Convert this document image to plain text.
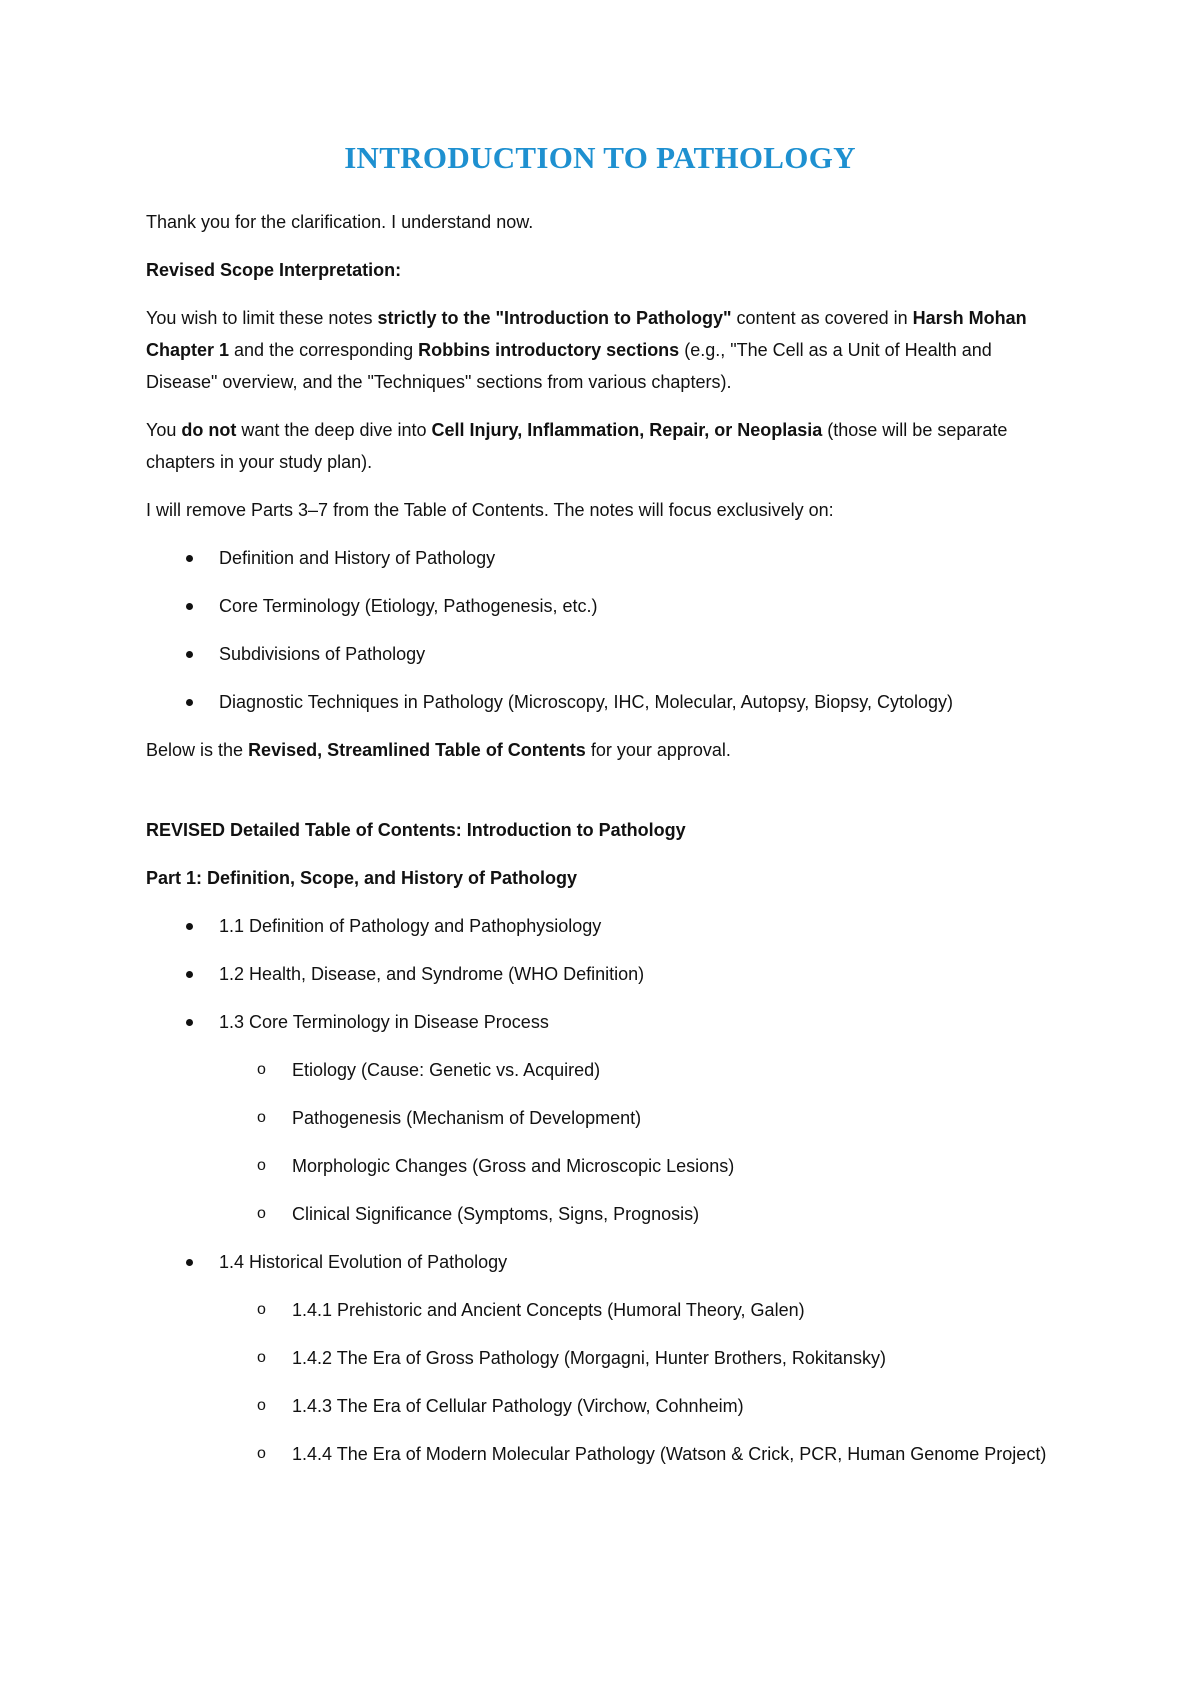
INTRODUCTION TO PATHOLOGY

Thank you for the clarification. I understand now.

Revised Scope Interpretation:

You wish to limit these notes strictly to the "Introduction to Pathology" content as covered in Harsh Mohan Chapter 1 and the corresponding Robbins introductory sections (e.g., "The Cell as a Unit of Health and Disease" overview, and the "Techniques" sections from various chapters).

You do not want the deep dive into Cell Injury, Inflammation, Repair, or Neoplasia (those will be separate chapters in your study plan).

I will remove Parts 3–7 from the Table of Contents. The notes will focus exclusively on:

Definition and History of Pathology
Core Terminology (Etiology, Pathogenesis, etc.)
Subdivisions of Pathology
Diagnostic Techniques in Pathology (Microscopy, IHC, Molecular, Autopsy, Biopsy, Cytology)

Below is the Revised, Streamlined Table of Contents for your approval.

REVISED Detailed Table of Contents: Introduction to Pathology

Part 1: Definition, Scope, and History of Pathology

1.1 Definition of Pathology and Pathophysiology
1.2 Health, Disease, and Syndrome (WHO Definition)
1.3 Core Terminology in Disease Process
o Etiology (Cause: Genetic vs. Acquired)
o Pathogenesis (Mechanism of Development)
o Morphologic Changes (Gross and Microscopic Lesions)
o Clinical Significance (Symptoms, Signs, Prognosis)
1.4 Historical Evolution of Pathology
o 1.4.1 Prehistoric and Ancient Concepts (Humoral Theory, Galen)
o 1.4.2 The Era of Gross Pathology (Morgagni, Hunter Brothers, Rokitansky)
o 1.4.3 The Era of Cellular Pathology (Virchow, Cohnheim)
o 1.4.4 The Era of Modern Molecular Pathology (Watson & Crick, PCR, Human Genome Project)
